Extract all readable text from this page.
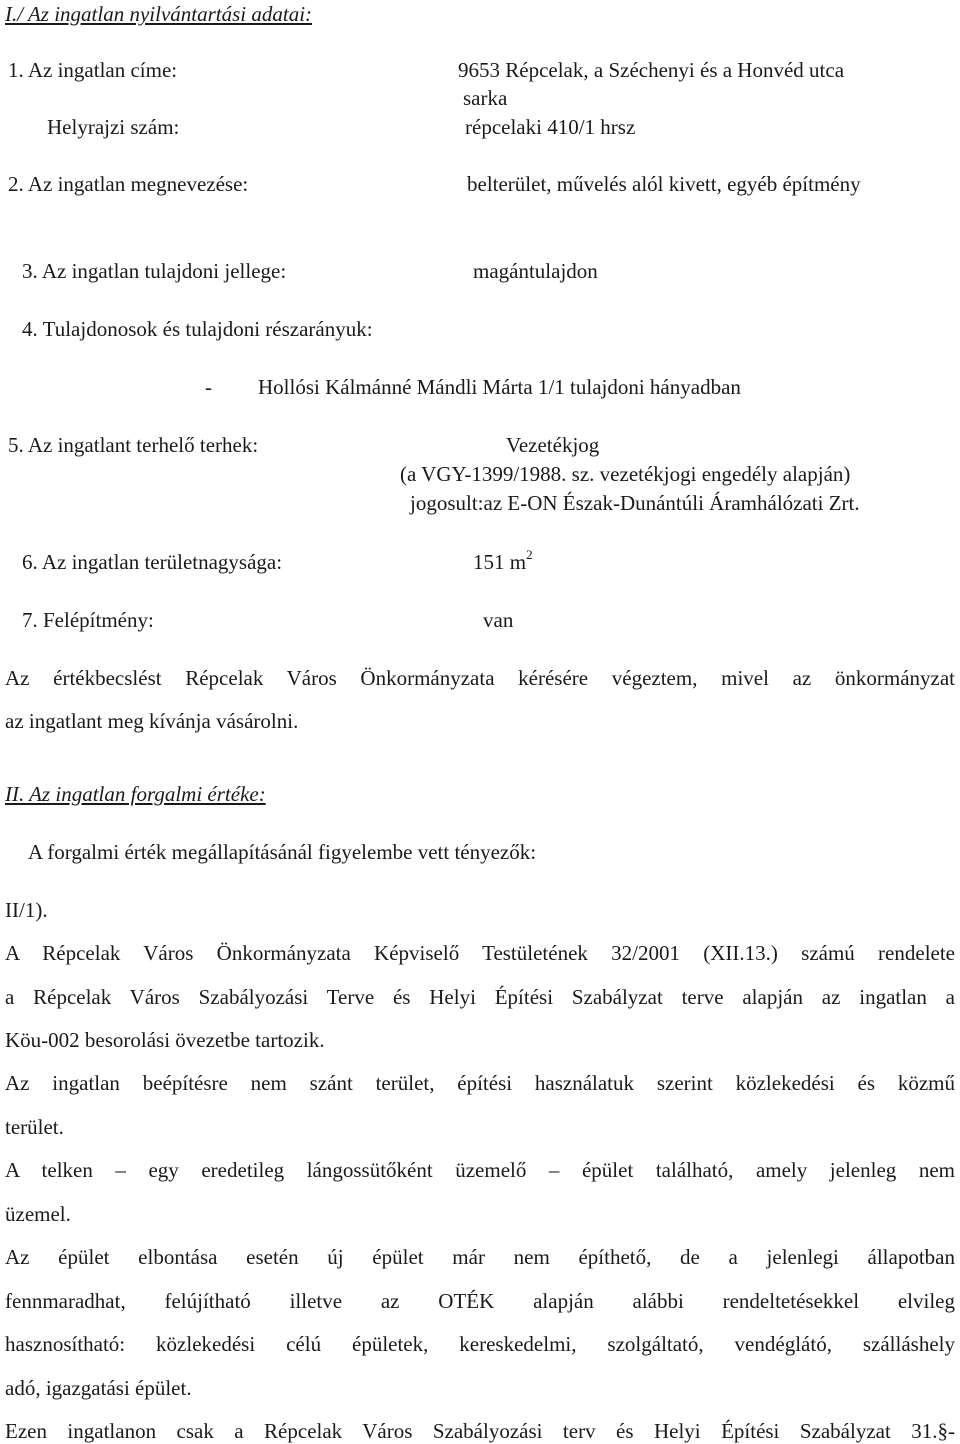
I./ Az ingatlan nyilvántartási adatai:
1. Az ingatlan címe:	9653 Répcelak, a Széchenyi és a Honvéd utca
sarka
Helyrajzi szám:	répcelaki 410/1 hrsz
2. Az ingatlan megnevezése:	belterület, művelés alól kivett, egyéb építmény
3. Az ingatlan tulajdoni jellege:	magántulajdon
4. Tulajdonosok és tulajdoni részarányuk:
- Hollósi Kálmánné Mándli Márta 1/1 tulajdoni hányadban
5. Az ingatlant terhelő terhek:	Vezetékjog
(a VGY-1399/1988. sz. vezetékjogi engedély alapján)
jogosult:az E-ON Észak-Dunántúli Áramhálózati Zrt.
6. Az ingatlan területnagysága:	151 $m^2$
7. Felépítmény:	van
Az értékbecslést Répcelak Város Önkormányzata kérésére végeztem, mivel az önkormányzat
az ingatlant meg kívánja vásárolni.
II. Az ingatlan forgalmi értéke:
A forgalmi érték megállapításánál figyelembe vett tényezők:
II/1).
A Répcelak Város Önkormányzata Képviselő Testületének 32/2001 (XII.13.) számú rendelete
a Répcelak Város Szabályozási Terve és Helyi Építési Szabályzat terve alapján az ingatlan a
Köu-002 besorolási övezetbe tartozik.
Az ingatlan beépítésre nem szánt terület, építési használatuk szerint közlekedési és közmű
terület.
A telken – egy eredetileg lángossütőként üzemelő – épület található, amely jelenleg nem
üzemel.
Az épület elbontása esetén új épület már nem építhető, de a jelenlegi állapotban
fennmaradhat, felújítható illetve az OTÉK alapján alábbi rendeltetésekkel elvileg
hasznosítható: közlekedési célú épületek, kereskedelmi, szolgáltató, vendéglátó, szálláshely
adó, igazgatási épület.
Ezen ingatlanon csak a Répcelak Város Szabályozási terv és Helyi Építési Szabályzat 31.§-
